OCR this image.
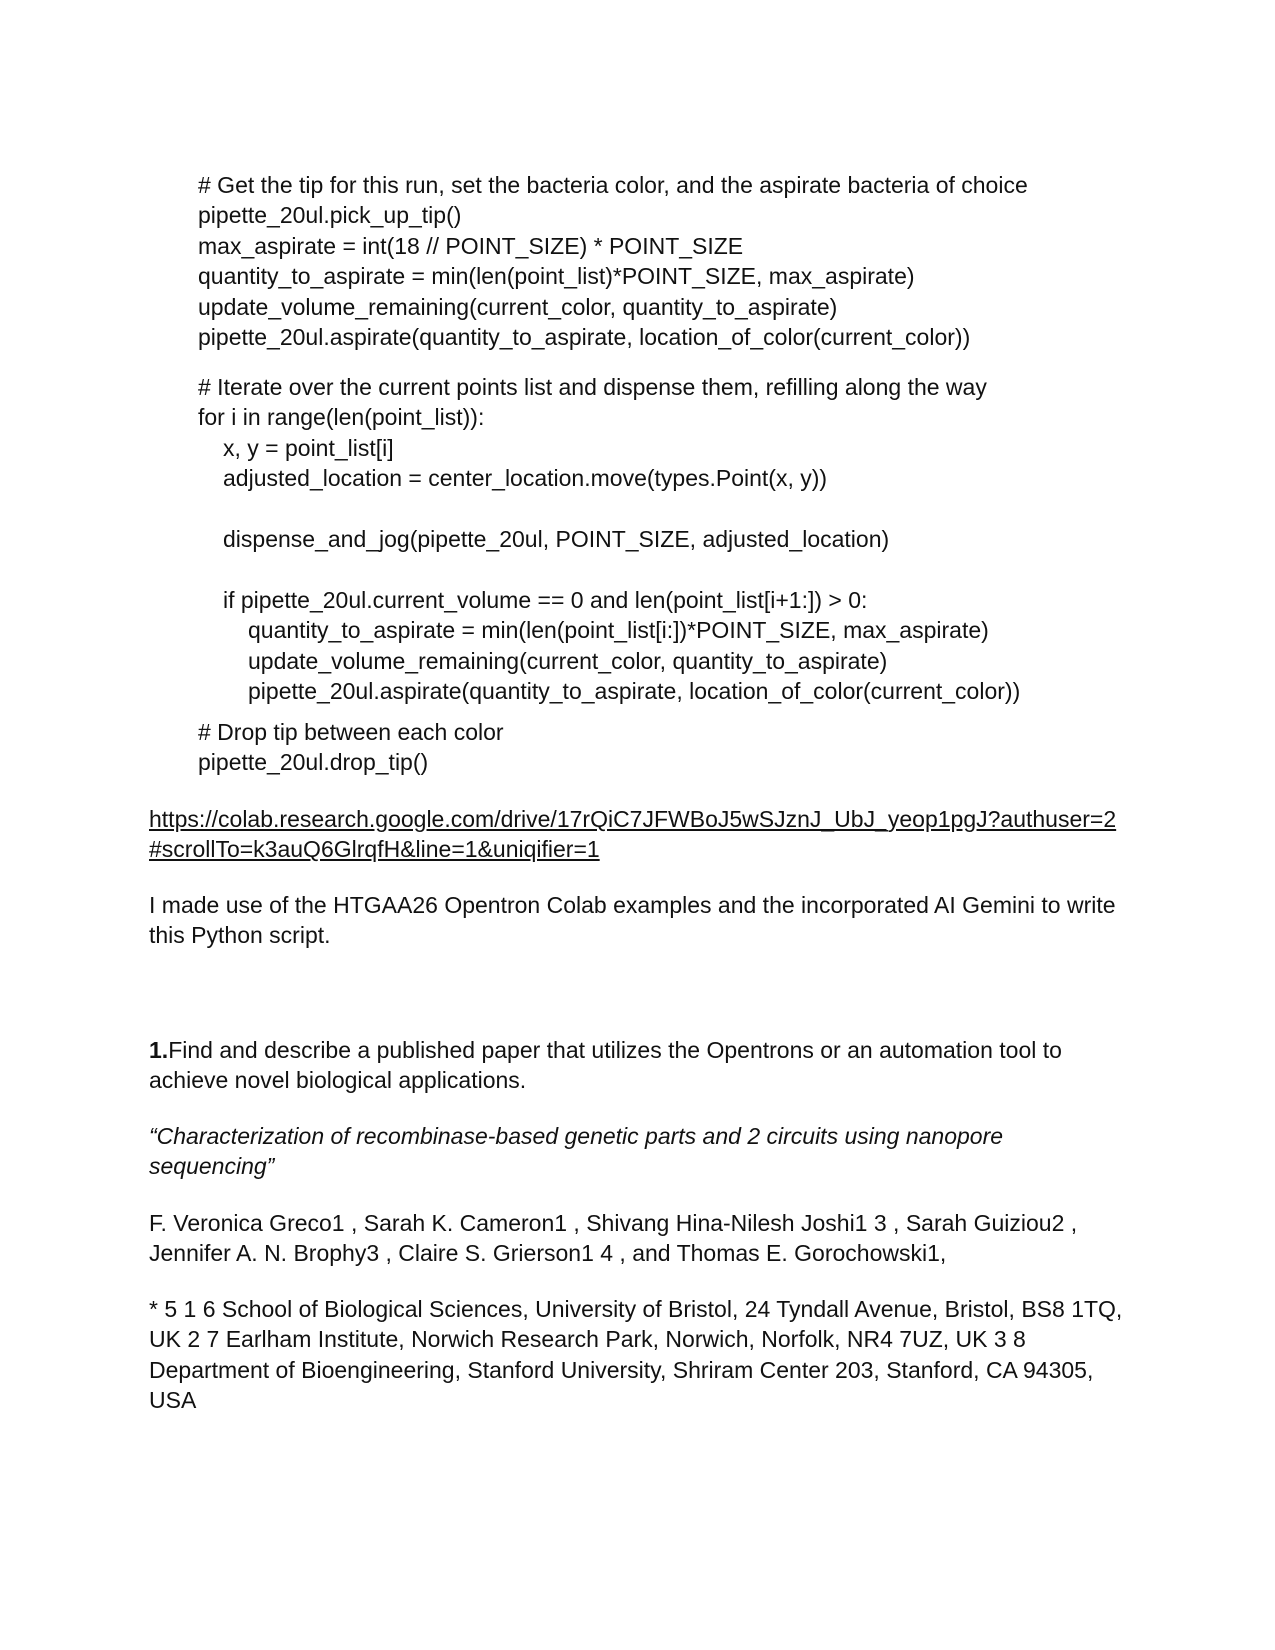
# Get the tip for this run, set the bacteria color, and the aspirate bacteria of choice
pipette_20ul.pick_up_tip()
max_aspirate = int(18 // POINT_SIZE) * POINT_SIZE
quantity_to_aspirate = min(len(point_list)*POINT_SIZE, max_aspirate)
update_volume_remaining(current_color, quantity_to_aspirate)
pipette_20ul.aspirate(quantity_to_aspirate, location_of_color(current_color))
# Iterate over the current points list and dispense them, refilling along the way
for i in range(len(point_list)):
x, y = point_list[i]
adjusted_location = center_location.move(types.Point(x, y))
dispense_and_jog(pipette_20ul, POINT_SIZE, adjusted_location)
if pipette_20ul.current_volume == 0 and len(point_list[i+1:]) > 0:
quantity_to_aspirate = min(len(point_list[i:])*POINT_SIZE, max_aspirate)
update_volume_remaining(current_color, quantity_to_aspirate)
pipette_20ul.aspirate(quantity_to_aspirate, location_of_color(current_color))
# Drop tip between each color
pipette_20ul.drop_tip()
https://colab.research.google.com/drive/17rQiC7JFWBoJ5wSJznJ_UbJ_yeop1pgJ?authuser=2
#scrollTo=k3auQ6GlrqfH&line=1&uniqifier=1
I made use of the HTGAA26 Opentron Colab examples and the incorporated AI Gemini to write
this Python script.
1.Find and describe a published paper that utilizes the Opentrons or an automation tool to
achieve novel biological applications.
“Characterization of recombinase-based genetic parts and 2 circuits using nanopore
sequencing”
F. Veronica Greco1 , Sarah K. Cameron1 , Shivang Hina-Nilesh Joshi1 3 , Sarah Guiziou2 ,
Jennifer A. N. Brophy3 , Claire S. Grierson1 4 , and Thomas E. Gorochowski1,
* 5 1 6 School of Biological Sciences, University of Bristol, 24 Tyndall Avenue, Bristol, BS8 1TQ,
UK 2 7 Earlham Institute, Norwich Research Park, Norwich, Norfolk, NR4 7UZ, UK 3 8
Department of Bioengineering, Stanford University, Shriram Center 203, Stanford, CA 94305,
USA
